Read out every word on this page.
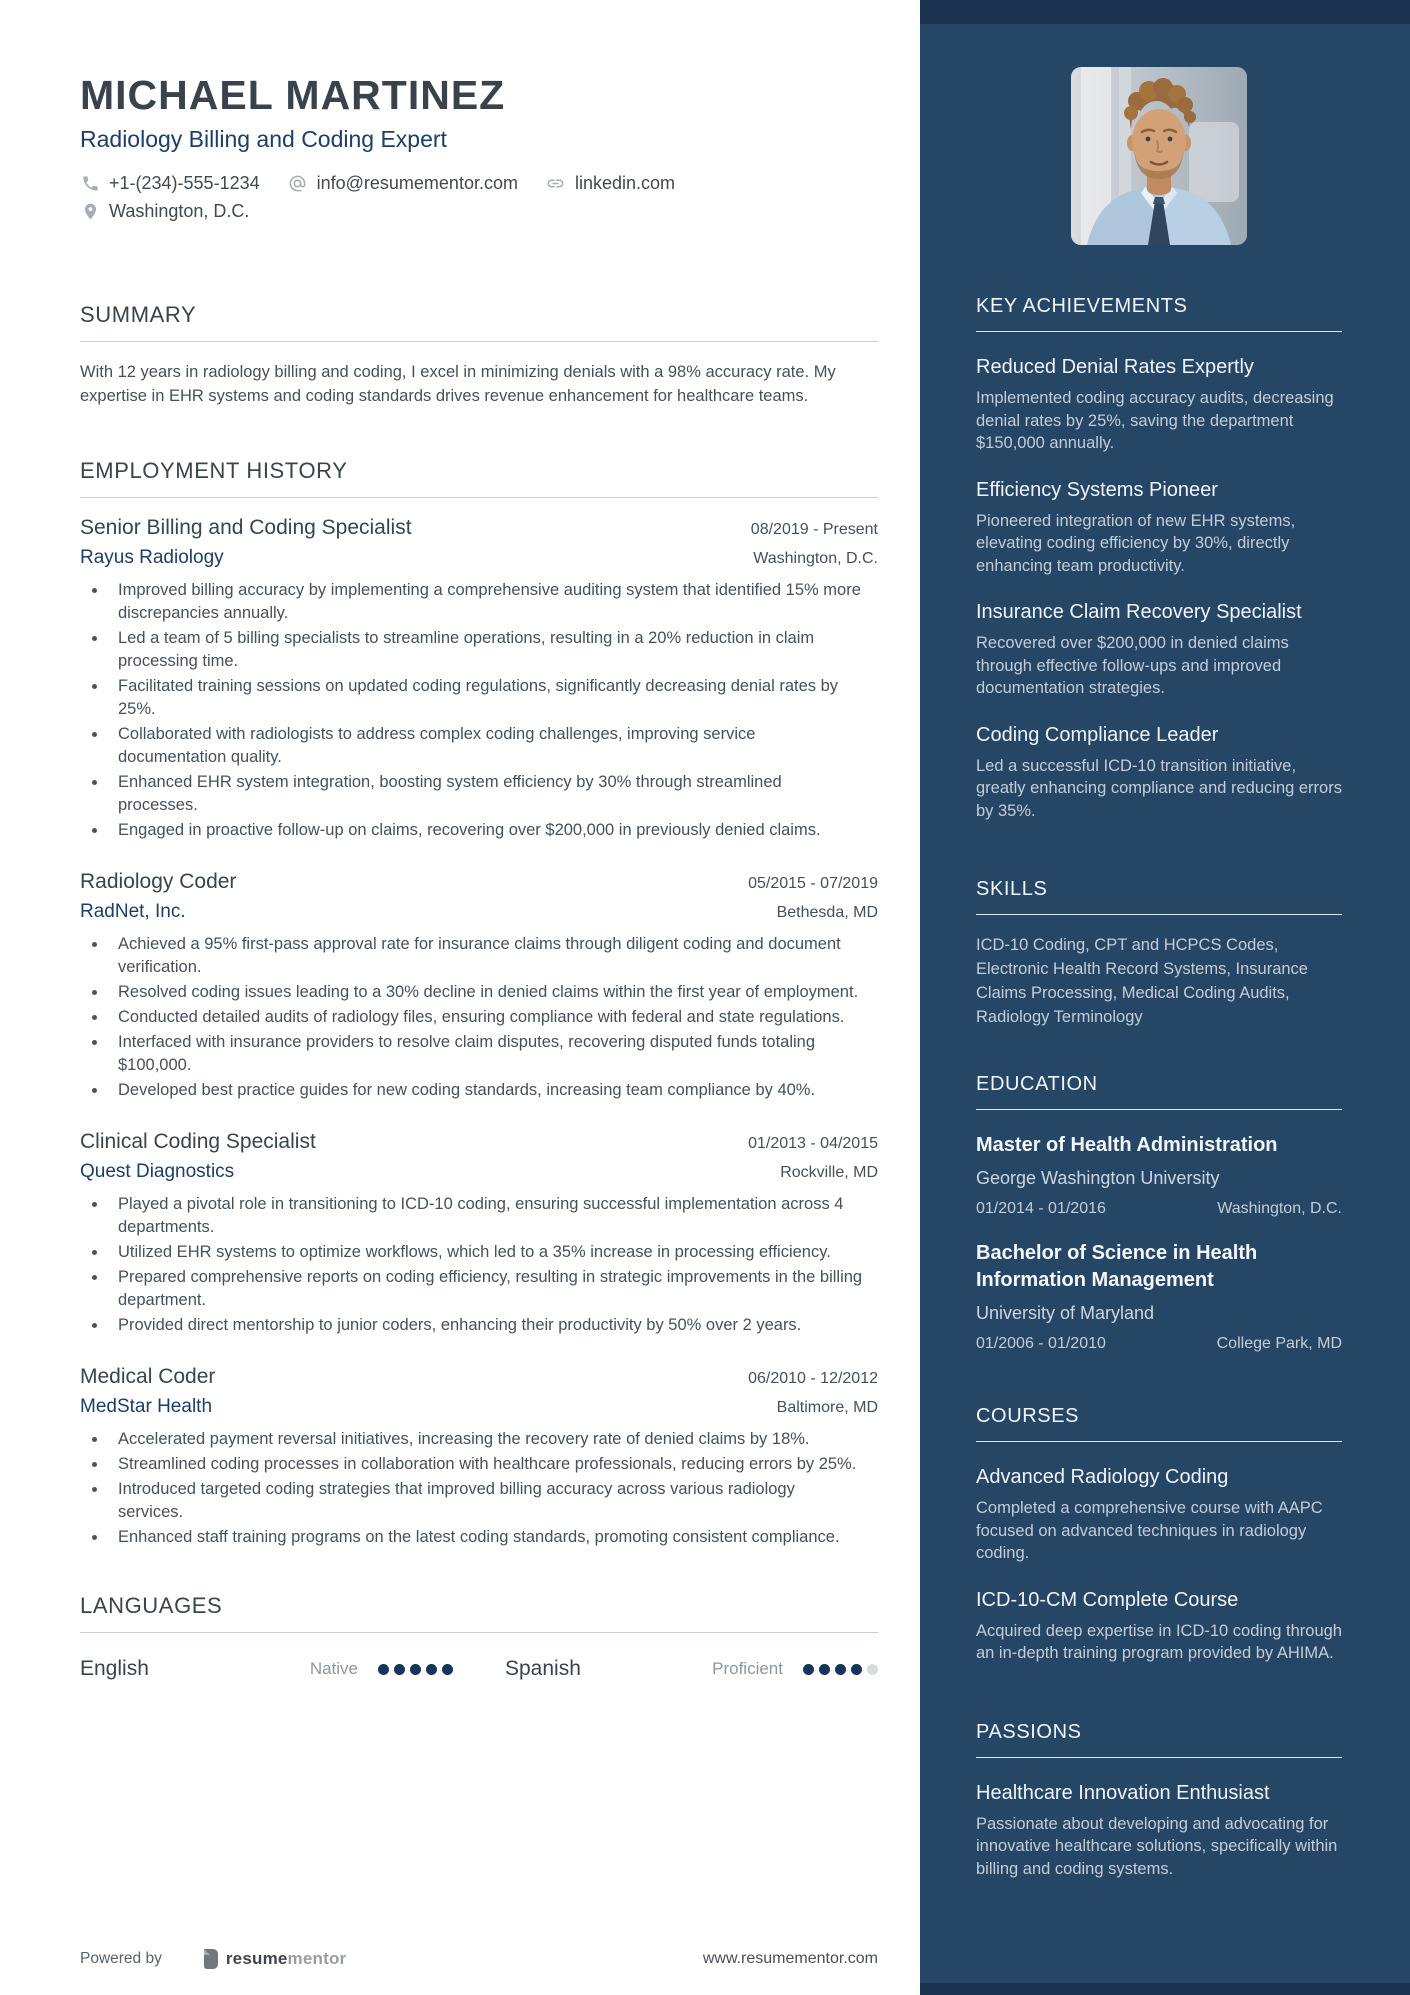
MICHAEL MARTINEZ
Radiology Billing and Coding Expert
+1-(234)-555-1234	info@resumementor.com	linkedin.com
Washington, D.C.
SUMMARY

With 12 years in radiology billing and coding, I excel in minimizing denials with a 98% accuracy rate. My expertise in EHR systems and coding standards drives revenue enhancement for healthcare teams.

EMPLOYMENT HISTORY
Senior Billing and Coding Specialist	08/2019 - Present
Rayus Radiology	Washington, D.C.
Improved billing accuracy by implementing a comprehensive auditing system that identified 15% more discrepancies annually.
Led a team of 5 billing specialists to streamline operations, resulting in a 20% reduction in claim processing time.
Facilitated training sessions on updated coding regulations, significantly decreasing denial rates by 25%.
Collaborated with radiologists to address complex coding challenges, improving service documentation quality.
Enhanced EHR system integration, boosting system efficiency by 30% through streamlined processes.
Engaged in proactive follow-up on claims, recovering over $200,000 in previously denied claims.
Radiology Coder	05/2015 - 07/2019
RadNet, Inc.	Bethesda, MD
Achieved a 95% first-pass approval rate for insurance claims through diligent coding and document verification.
Resolved coding issues leading to a 30% decline in denied claims within the first year of employment.
Conducted detailed audits of radiology files, ensuring compliance with federal and state regulations.
Interfaced with insurance providers to resolve claim disputes, recovering disputed funds totaling $100,000.
Developed best practice guides for new coding standards, increasing team compliance by 40%.
Clinical Coding Specialist	01/2013 - 04/2015
Quest Diagnostics	Rockville, MD
Played a pivotal role in transitioning to ICD-10 coding, ensuring successful implementation across 4 departments.
Utilized EHR systems to optimize workflows, which led to a 35% increase in processing efficiency.
Prepared comprehensive reports on coding efficiency, resulting in strategic improvements in the billing department.
Provided direct mentorship to junior coders, enhancing their productivity by 50% over 2 years.
Medical Coder	06/2010 - 12/2012
MedStar Health	Baltimore, MD
Accelerated payment reversal initiatives, increasing the recovery rate of denied claims by 18%.
Streamlined coding processes in collaboration with healthcare professionals, reducing errors by 25%.
Introduced targeted coding strategies that improved billing accuracy across various radiology services.
Enhanced staff training programs on the latest coding standards, promoting consistent compliance.
LANGUAGES
English	Native	Spanish	Proficient
Powered by	resumementor	www.resumementor.com
KEY ACHIEVEMENTS
Reduced Denial Rates Expertly
Implemented coding accuracy audits, decreasing denial rates by 25%, saving the department $150,000 annually.
Efficiency Systems Pioneer
Pioneered integration of new EHR systems, elevating coding efficiency by 30%, directly enhancing team productivity.
Insurance Claim Recovery Specialist
Recovered over $200,000 in denied claims through effective follow-ups and improved documentation strategies.
Coding Compliance Leader
Led a successful ICD-10 transition initiative, greatly enhancing compliance and reducing errors by 35%.
SKILLS
ICD-10 Coding, CPT and HCPCS Codes, Electronic Health Record Systems, Insurance Claims Processing, Medical Coding Audits, Radiology Terminology
EDUCATION
Master of Health Administration
George Washington University
01/2014 - 01/2016	Washington, D.C.
Bachelor of Science in Health Information Management
University of Maryland
01/2006 - 01/2010	College Park, MD
COURSES
Advanced Radiology Coding
Completed a comprehensive course with AAPC focused on advanced techniques in radiology coding.
ICD-10-CM Complete Course
Acquired deep expertise in ICD-10 coding through an in-depth training program provided by AHIMA.
PASSIONS
Healthcare Innovation Enthusiast
Passionate about developing and advocating for innovative healthcare solutions, specifically within billing and coding systems.
